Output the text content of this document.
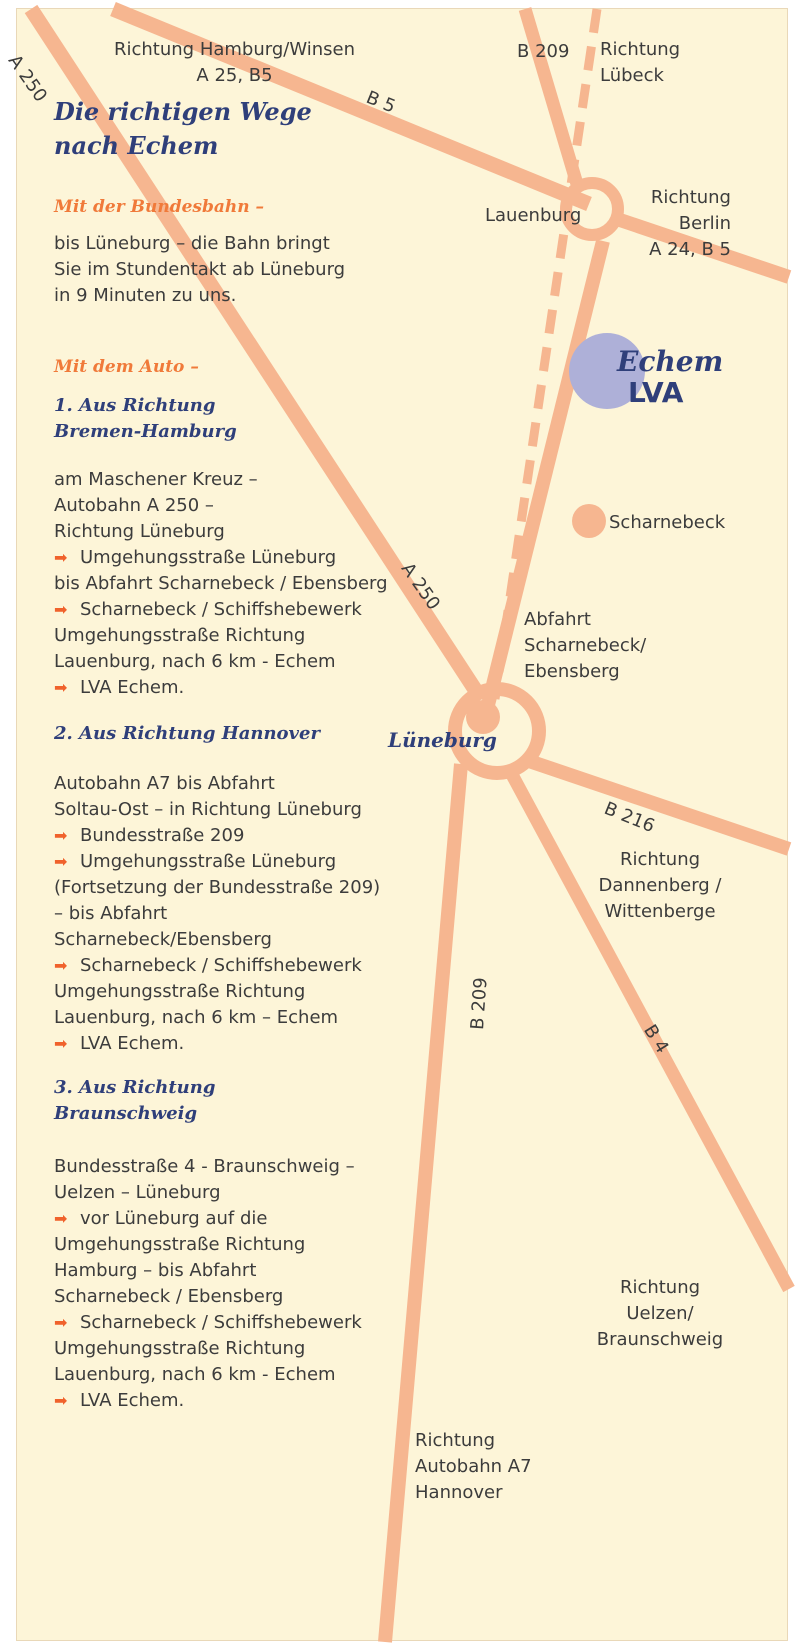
A 250	B 5
B 209
A 250
B 216
B 209
B 4
Richtung Hamburg/Winsen
A 25, B5
Richtung
Lübeck
Lauenburg
Richtung
Berlin
A 24, B 5
Echem
LVA
Scharnebeck
Abfahrt
Scharnebeck/
Ebensberg
Lüneburg
Richtung
Dannenberg /
Wittenberge
Richtung
Uelzen/
Braunschweig
Richtung
Autobahn A7
Hannover
Die richtigen Wege
nach Echem
Mit der Bundesbahn –
bis Lüneburg – die Bahn bringt
Sie im Stundentakt ab Lüneburg
in 9 Minuten zu uns.
Mit dem Auto –
1. Aus Richtung
Bremen-Hamburg
am Maschener Kreuz –
Autobahn A 250 –
Richtung Lüneburg
➡ Umgehungsstraße Lüneburg
bis Abfahrt Scharnebeck / Ebensberg
➡ Scharnebeck / Schiffshebewerk
Umgehungsstraße Richtung
Lauenburg, nach 6 km - Echem
➡ LVA Echem.
2. Aus Richtung Hannover
Autobahn A7 bis Abfahrt
Soltau-Ost – in Richtung Lüneburg
➡ Bundesstraße 209
➡ Umgehungsstraße Lüneburg
(Fortsetzung der Bundesstraße 209)
– bis Abfahrt
Scharnebeck/Ebensberg
➡ Scharnebeck / Schiffshebewerk
Umgehungsstraße Richtung
Lauenburg, nach 6 km – Echem
➡ LVA Echem.
3. Aus Richtung
Braunschweig
Bundesstraße 4 - Braunschweig –
Uelzen – Lüneburg
➡ vor Lüneburg auf die
Umgehungsstraße Richtung
Hamburg – bis Abfahrt
Scharnebeck / Ebensberg
➡ Scharnebeck / Schiffshebewerk
Umgehungsstraße Richtung
Lauenburg, nach 6 km - Echem
➡ LVA Echem.
